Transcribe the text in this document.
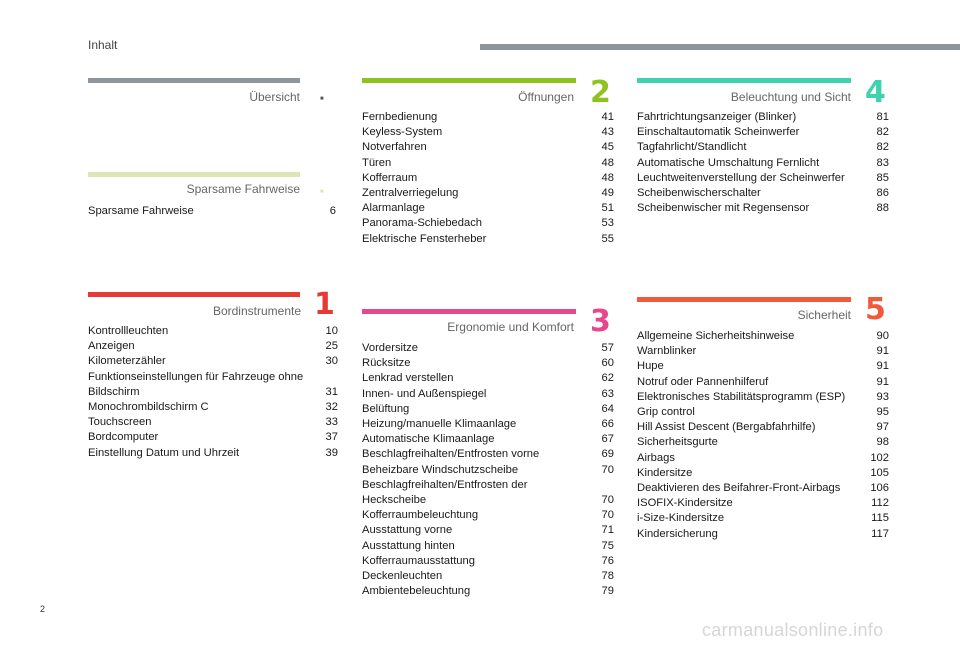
Inhalt
Übersicht	■
Sparsame Fahrweise	■
Sparsame Fahrweise	6
Öffnungen 2
Fernbedienung	41
Keyless-System	43
Notverfahren	45
Türen	48
Kofferraum	48
Zentralverriegelung	49
Alarmanlage	51
Panorama-Schiebedach	53
Elektrische Fensterheber	55
Beleuchtung und Sicht 4
Fahrtrichtungsanzeiger (Blinker)	81
Einschaltautomatik Scheinwerfer	82
Tagfahrlicht/Standlicht	82
Automatische Umschaltung Fernlicht	83
Leuchtweitenverstellung der Scheinwerfer	85
Scheibenwischerschalter	86
Scheibenwischer mit Regensensor	88
Bordinstrumente 1
Kontrollleuchten	10
Anzeigen	25
Kilometerzähler	30
Funktionseinstellungen für Fahrzeuge ohne Bildschirm	31
Monochrombildschirm C	32
Touchscreen	33
Bordcomputer	37
Einstellung Datum und Uhrzeit	39
Ergonomie und Komfort 3
Vordersitze	57
Rücksitze	60
Lenkrad verstellen	62
Innen- und Außenspiegel	63
Belüftung	64
Heizung/manuelle Klimaanlage	66
Automatische Klimaanlage	67
Beschlagfreihalten/Entfrosten vorne	69
Beheizbare Windschutzscheibe	70
Beschlagfreihalten/Entfrosten der Heckscheibe	70
Kofferraumbeleuchtung	70
Ausstattung vorne	71
Ausstattung hinten	75
Kofferraumausstattung	76
Deckenleuchten	78
Ambientebeleuchtung	79
Sicherheit 5
Allgemeine Sicherheitshinweise	90
Warnblinker	91
Hupe	91
Notruf oder Pannenhilferuf	91
Elektronisches Stabilitätsprogramm (ESP)	93
Grip control	95
Hill Assist Descent (Bergabfahrhilfe)	97
Sicherheitsgurte	98
Airbags	102
Kindersitze	105
Deaktivieren des Beifahrer-Front-Airbags	106
ISOFIX-Kindersitze	112
i-Size-Kindersitze	115
Kindersicherung	117
2
carmanualsonline.info
